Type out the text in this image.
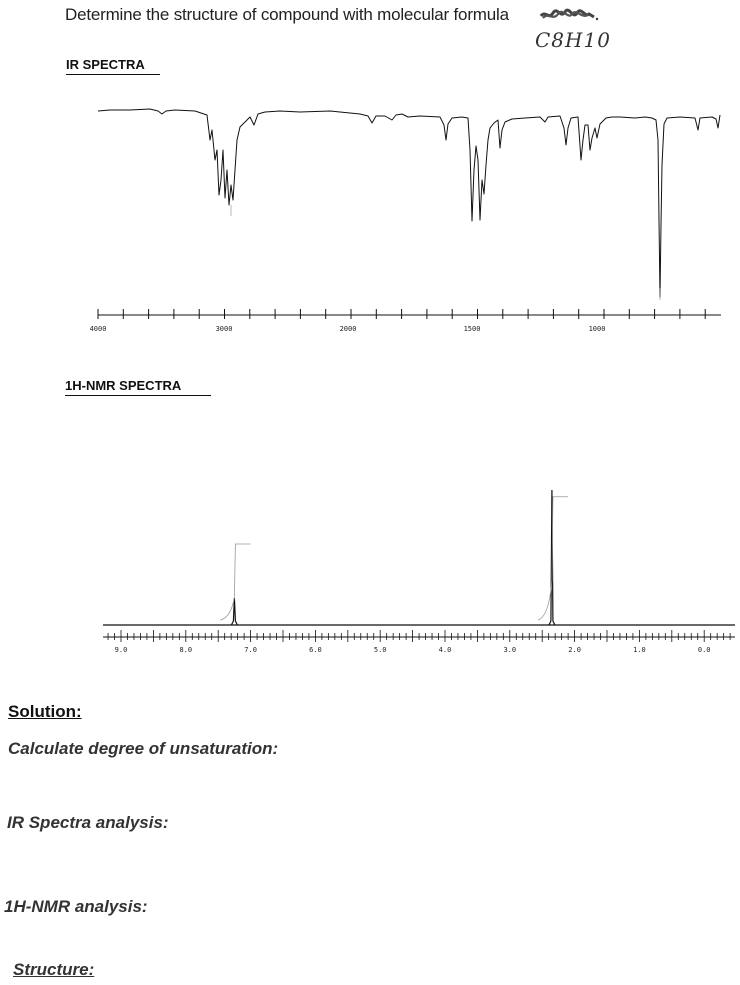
Determine the structure of compound with molecular formula
C8H10
IR SPECTRA
1H-NMR SPECTRA
4000	3000	2000	1500	1000
9.0	8.0	7.0	6.0	5.0	4.0	3.0	2.0	1.0	0.0
Solution:
Calculate degree of unsaturation:
IR Spectra analysis:
1H-NMR analysis:
Structure:
